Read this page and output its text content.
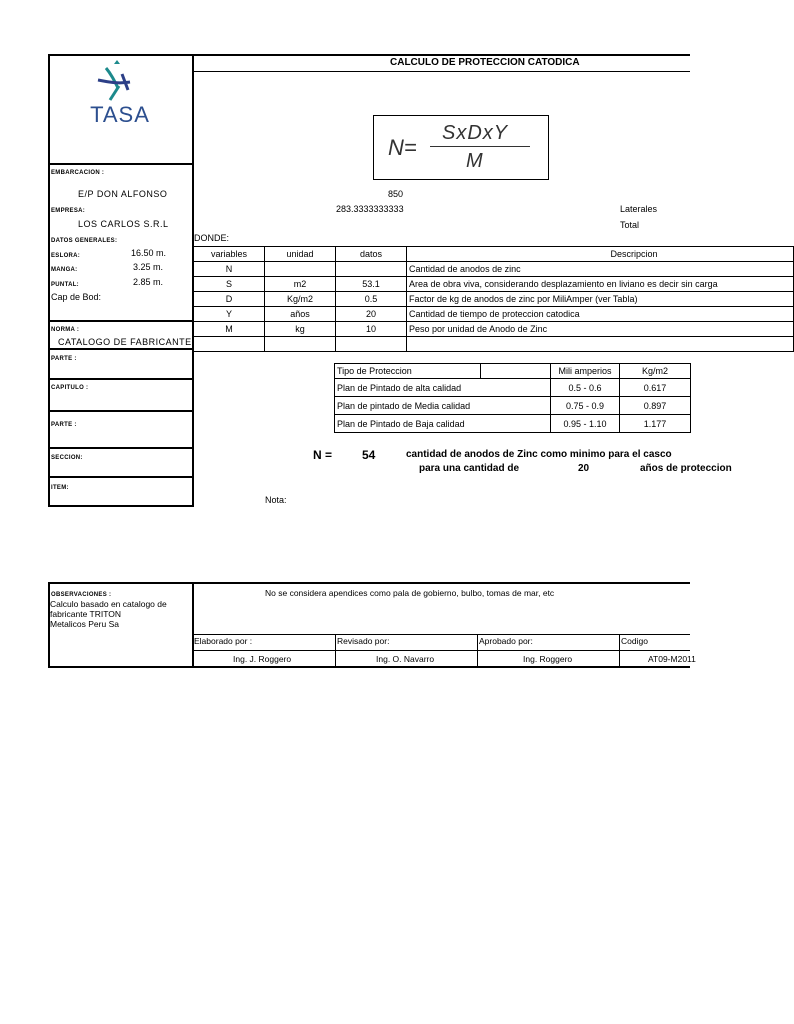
TASA
CALCULO DE PROTECCION CATODICA
N=
SxDxY
M
EMBARCACION :
E/P DON ALFONSO
EMPRESA:
LOS CARLOS S.R.L
DATOS GENERALES:
ESLORA:	16.50 m.
MANGA:	3.25 m.
PUNTAL:	2.85 m.
Cap de Bod:
NORMA :
CATALOGO DE FABRICANTE
PARTE :
CAPITULO :
PARTE :
SECCION:
ITEM:
850
283.3333333333	Laterales
Total
DONDE:
variables	unidad	datos	Descripcion
N			Cantidad de anodos de zinc
S	m2	53.1	Area de obra viva, considerando desplazamiento en liviano es decir sin carga
D	Kg/m2	0.5	Factor de kg de anodos de zinc por MiliAmper (ver Tabla)
Y	años	20	Cantidad de tiempo de proteccion catodica
M	kg	10	Peso por unidad de Anodo de Zinc

Tipo de Proteccion		Mili amperios	Kg/m2
Plan de Pintado de alta calidad		0.5 - 0.6	0.617
Plan de pintado de Media calidad		0.75 - 0.9	0.897
Plan de Pintado de Baja calidad		0.95 - 1.10	1.177
N = 54	cantidad de anodos de Zinc como minimo para el casco
para una cantidad de	20	años de proteccion
Nota:
OBSERVACIONES :
Calculo basado en catalogo de
fabricante TRITON
Metalicos Peru Sa
No se considera apendices como pala de gobierno, bulbo, tomas de mar, etc
Elaborado por :
Ing. J. Roggero
Revisado por:
Ing. O. Navarro
Aprobado por:
Ing. Roggero
Codigo
AT09-M2011
